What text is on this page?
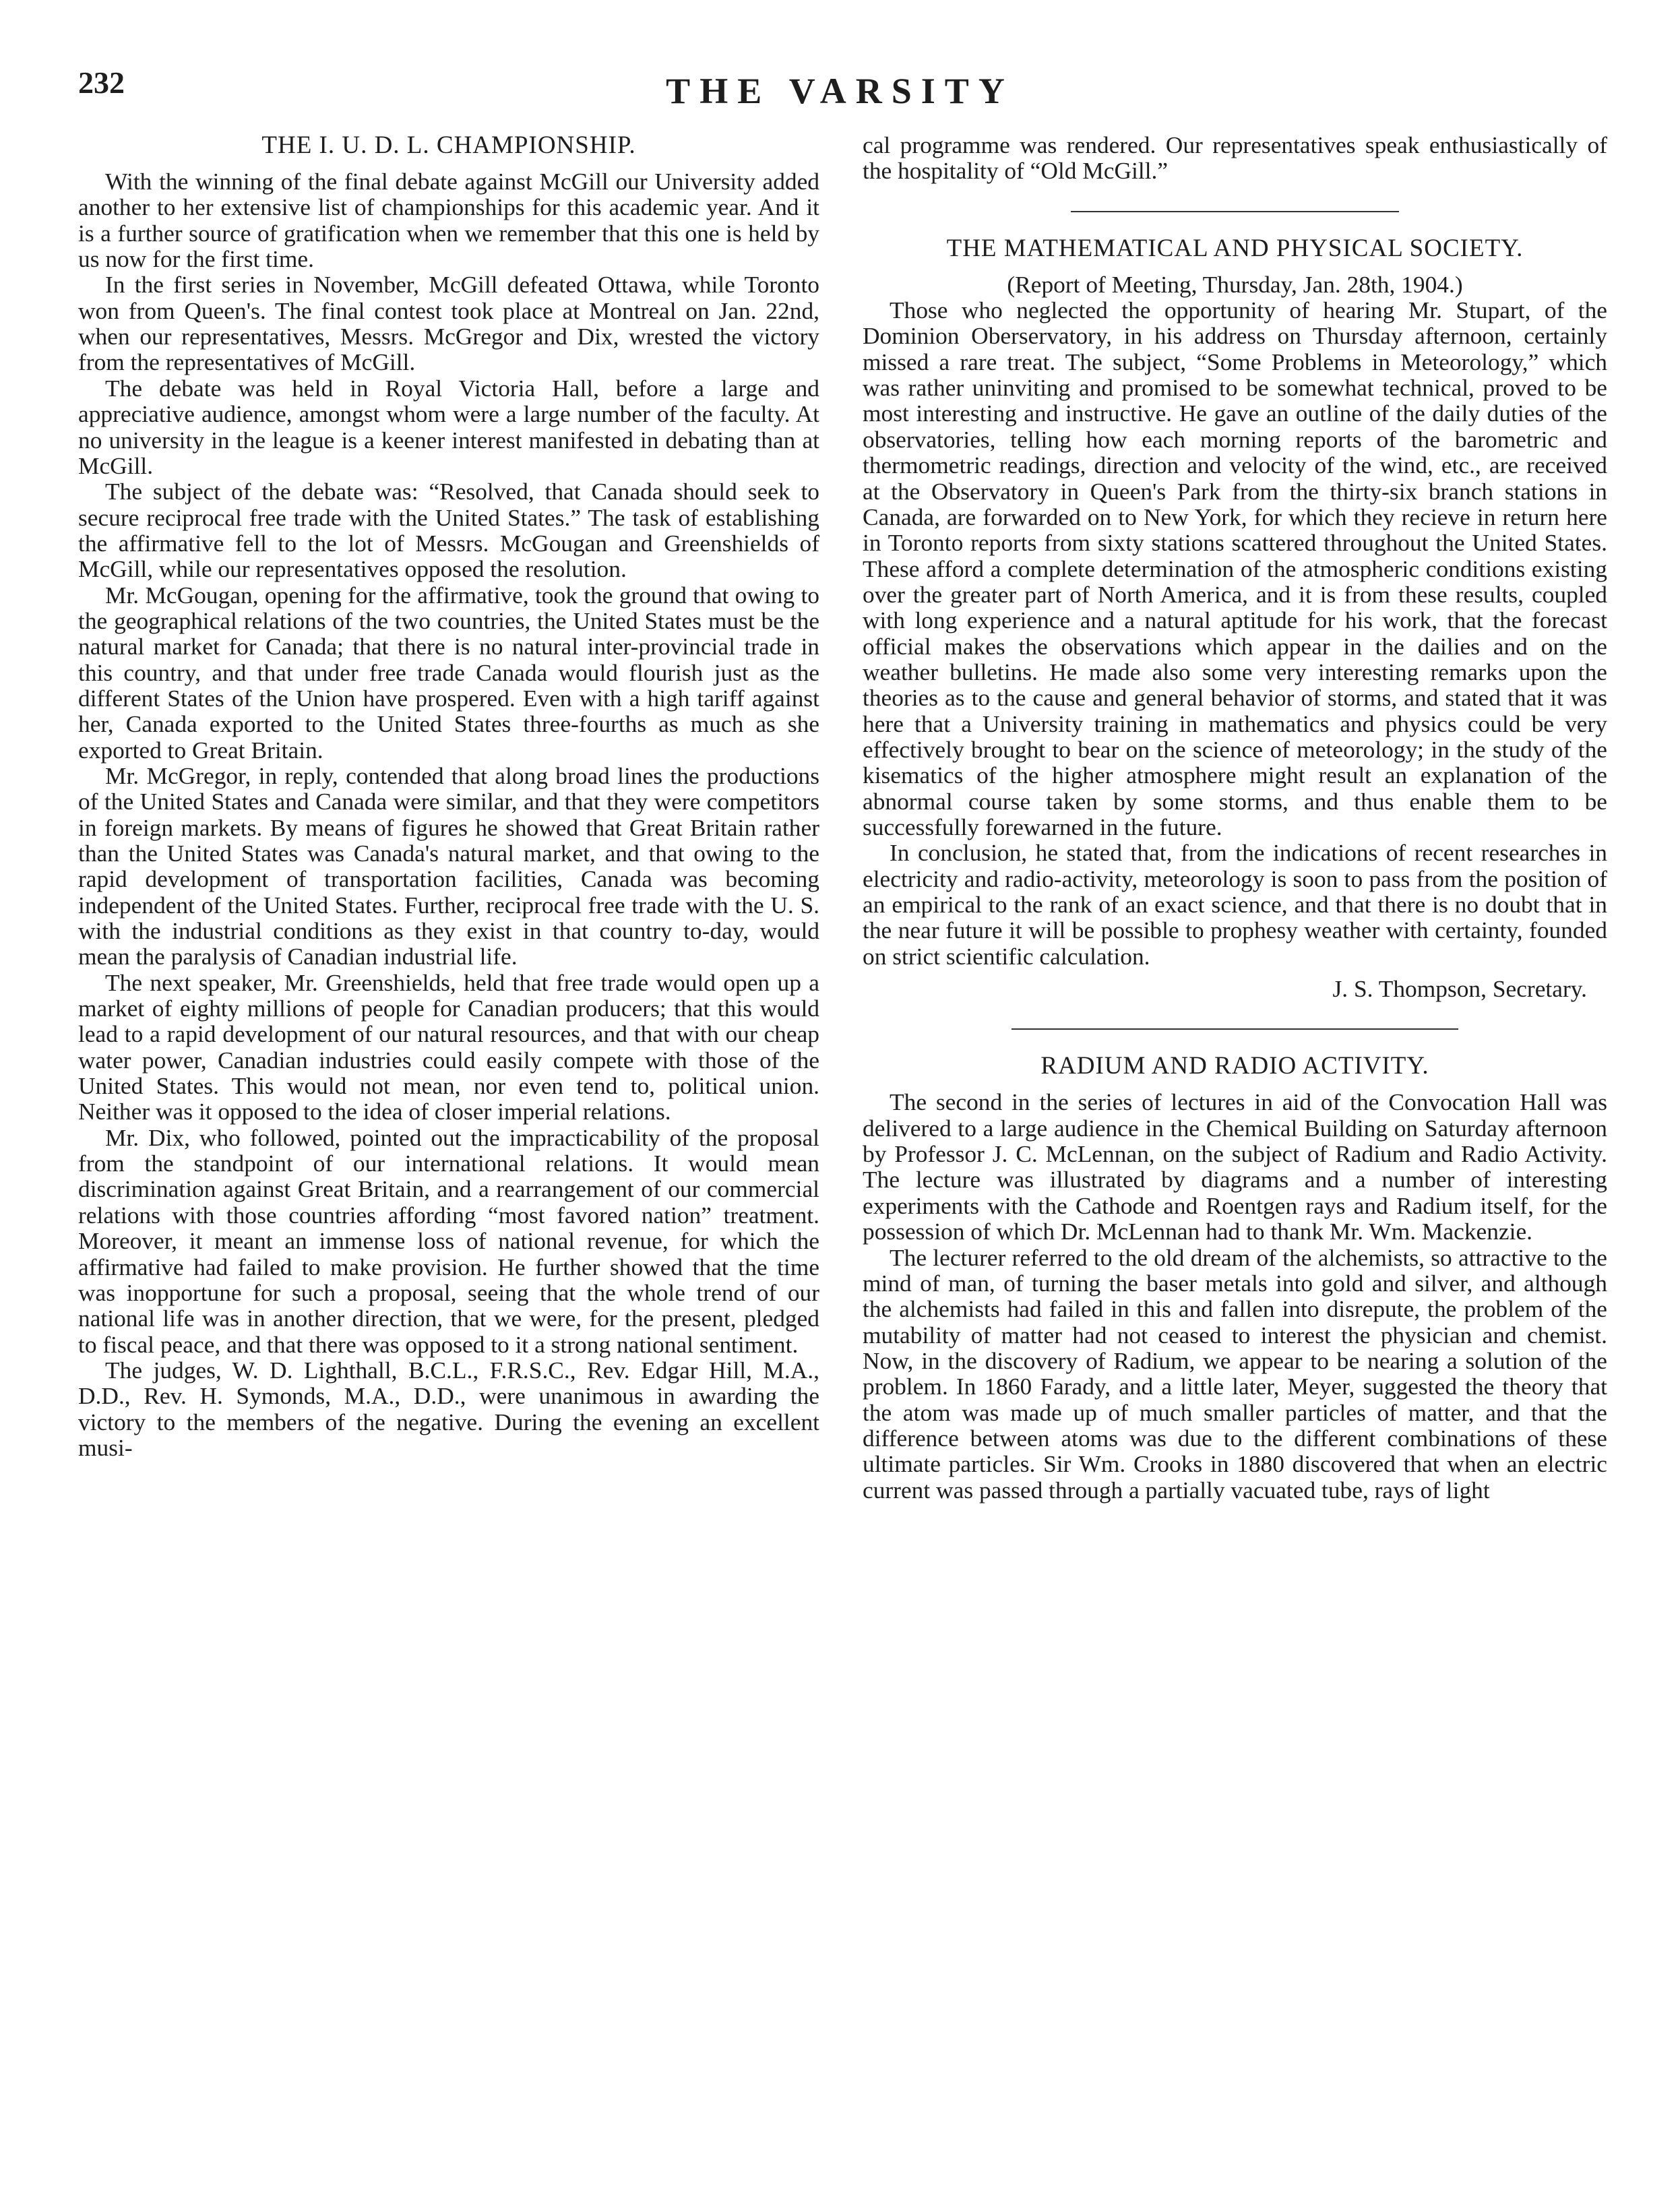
232	THE VARSITY
THE I. U. D. L. CHAMPIONSHIP.

With the winning of the final debate against McGill our University added another to her extensive list of championships for this academic year. And it is a further source of gratification when we remember that this one is held by us now for the first time.

In the first series in November, McGill defeated Ottawa, while Toronto won from Queen's. The final contest took place at Montreal on Jan. 22nd, when our representatives, Messrs. McGregor and Dix, wrested the victory from the representatives of McGill.

The debate was held in Royal Victoria Hall, before a large and appreciative audience, amongst whom were a large number of the faculty. At no university in the league is a keener interest manifested in debating than at McGill.

The subject of the debate was: “Resolved, that Canada should seek to secure reciprocal free trade with the United States.” The task of establishing the affirmative fell to the lot of Messrs. McGougan and Greenshields of McGill, while our representatives opposed the resolution.

Mr. McGougan, opening for the affirmative, took the ground that owing to the geographical relations of the two countries, the United States must be the natural market for Canada; that there is no natural inter-provincial trade in this country, and that under free trade Canada would flourish just as the different States of the Union have prospered. Even with a high tariff against her, Canada exported to the United States three-fourths as much as she exported to Great Britain.

Mr. McGregor, in reply, contended that along broad lines the productions of the United States and Canada were similar, and that they were competitors in foreign markets. By means of figures he showed that Great Britain rather than the United States was Canada's natural market, and that owing to the rapid development of transportation facilities, Canada was becoming independent of the United States. Further, reciprocal free trade with the U. S. with the industrial conditions as they exist in that country to-day, would mean the paralysis of Canadian industrial life.

The next speaker, Mr. Greenshields, held that free trade would open up a market of eighty millions of people for Canadian producers; that this would lead to a rapid development of our natural resources, and that with our cheap water power, Canadian industries could easily compete with those of the United States. This would not mean, nor even tend to, political union. Neither was it opposed to the idea of closer imperial relations.

Mr. Dix, who followed, pointed out the impracticability of the proposal from the standpoint of our international relations. It would mean discrimination against Great Britain, and a rearrangement of our commercial relations with those countries affording “most favored nation” treatment. Moreover, it meant an immense loss of national revenue, for which the affirmative had failed to make provision. He further showed that the time was inopportune for such a proposal, seeing that the whole trend of our national life was in another direction, that we were, for the present, pledged to fiscal peace, and that there was opposed to it a strong national sentiment.

The judges, W. D. Lighthall, B.C.L., F.R.S.C., Rev. Edgar Hill, M.A., D.D., Rev. H. Symonds, M.A., D.D., were unanimous in awarding the victory to the members of the negative. During the evening an excellent musi-

cal programme was rendered. Our representatives speak enthusiastically of the hospitality of “Old McGill.”

THE MATHEMATICAL AND PHYSICAL SOCIETY.
(Report of Meeting, Thursday, Jan. 28th, 1904.)

Those who neglected the opportunity of hearing Mr. Stupart, of the Dominion Oberservatory, in his address on Thursday afternoon, certainly missed a rare treat. The subject, “Some Problems in Meteorology,” which was rather uninviting and promised to be somewhat technical, proved to be most interesting and instructive. He gave an outline of the daily duties of the observatories, telling how each morning reports of the barometric and thermometric readings, direction and velocity of the wind, etc., are received at the Observatory in Queen's Park from the thirty-six branch stations in Canada, are forwarded on to New York, for which they recieve in return here in Toronto reports from sixty stations scattered throughout the United States. These afford a complete determination of the atmospheric conditions existing over the greater part of North America, and it is from these results, coupled with long experience and a natural aptitude for his work, that the forecast official makes the observations which appear in the dailies and on the weather bulletins. He made also some very interesting remarks upon the theories as to the cause and general behavior of storms, and stated that it was here that a University training in mathematics and physics could be very effectively brought to bear on the science of meteorology; in the study of the kisematics of the higher atmosphere might result an explanation of the abnormal course taken by some storms, and thus enable them to be successfully forewarned in the future.

In conclusion, he stated that, from the indications of recent researches in electricity and radio-activity, meteorology is soon to pass from the position of an empirical to the rank of an exact science, and that there is no doubt that in the near future it will be possible to prophesy weather with certainty, founded on strict scientific calculation.

J. S. Thompson, Secretary.
RADIUM AND RADIO ACTIVITY.

The second in the series of lectures in aid of the Convocation Hall was delivered to a large audience in the Chemical Building on Saturday afternoon by Professor J. C. McLennan, on the subject of Radium and Radio Activity. The lecture was illustrated by diagrams and a number of interesting experiments with the Cathode and Roentgen rays and Radium itself, for the possession of which Dr. McLennan had to thank Mr. Wm. Mackenzie.

The lecturer referred to the old dream of the alchemists, so attractive to the mind of man, of turning the baser metals into gold and silver, and although the alchemists had failed in this and fallen into disrepute, the problem of the mutability of matter had not ceased to interest the physician and chemist. Now, in the discovery of Radium, we appear to be nearing a solution of the problem. In 1860 Farady, and a little later, Meyer, suggested the theory that the atom was made up of much smaller particles of matter, and that the difference between atoms was due to the different combinations of these ultimate particles. Sir Wm. Crooks in 1880 discovered that when an electric current was passed through a partially vacuated tube, rays of light
